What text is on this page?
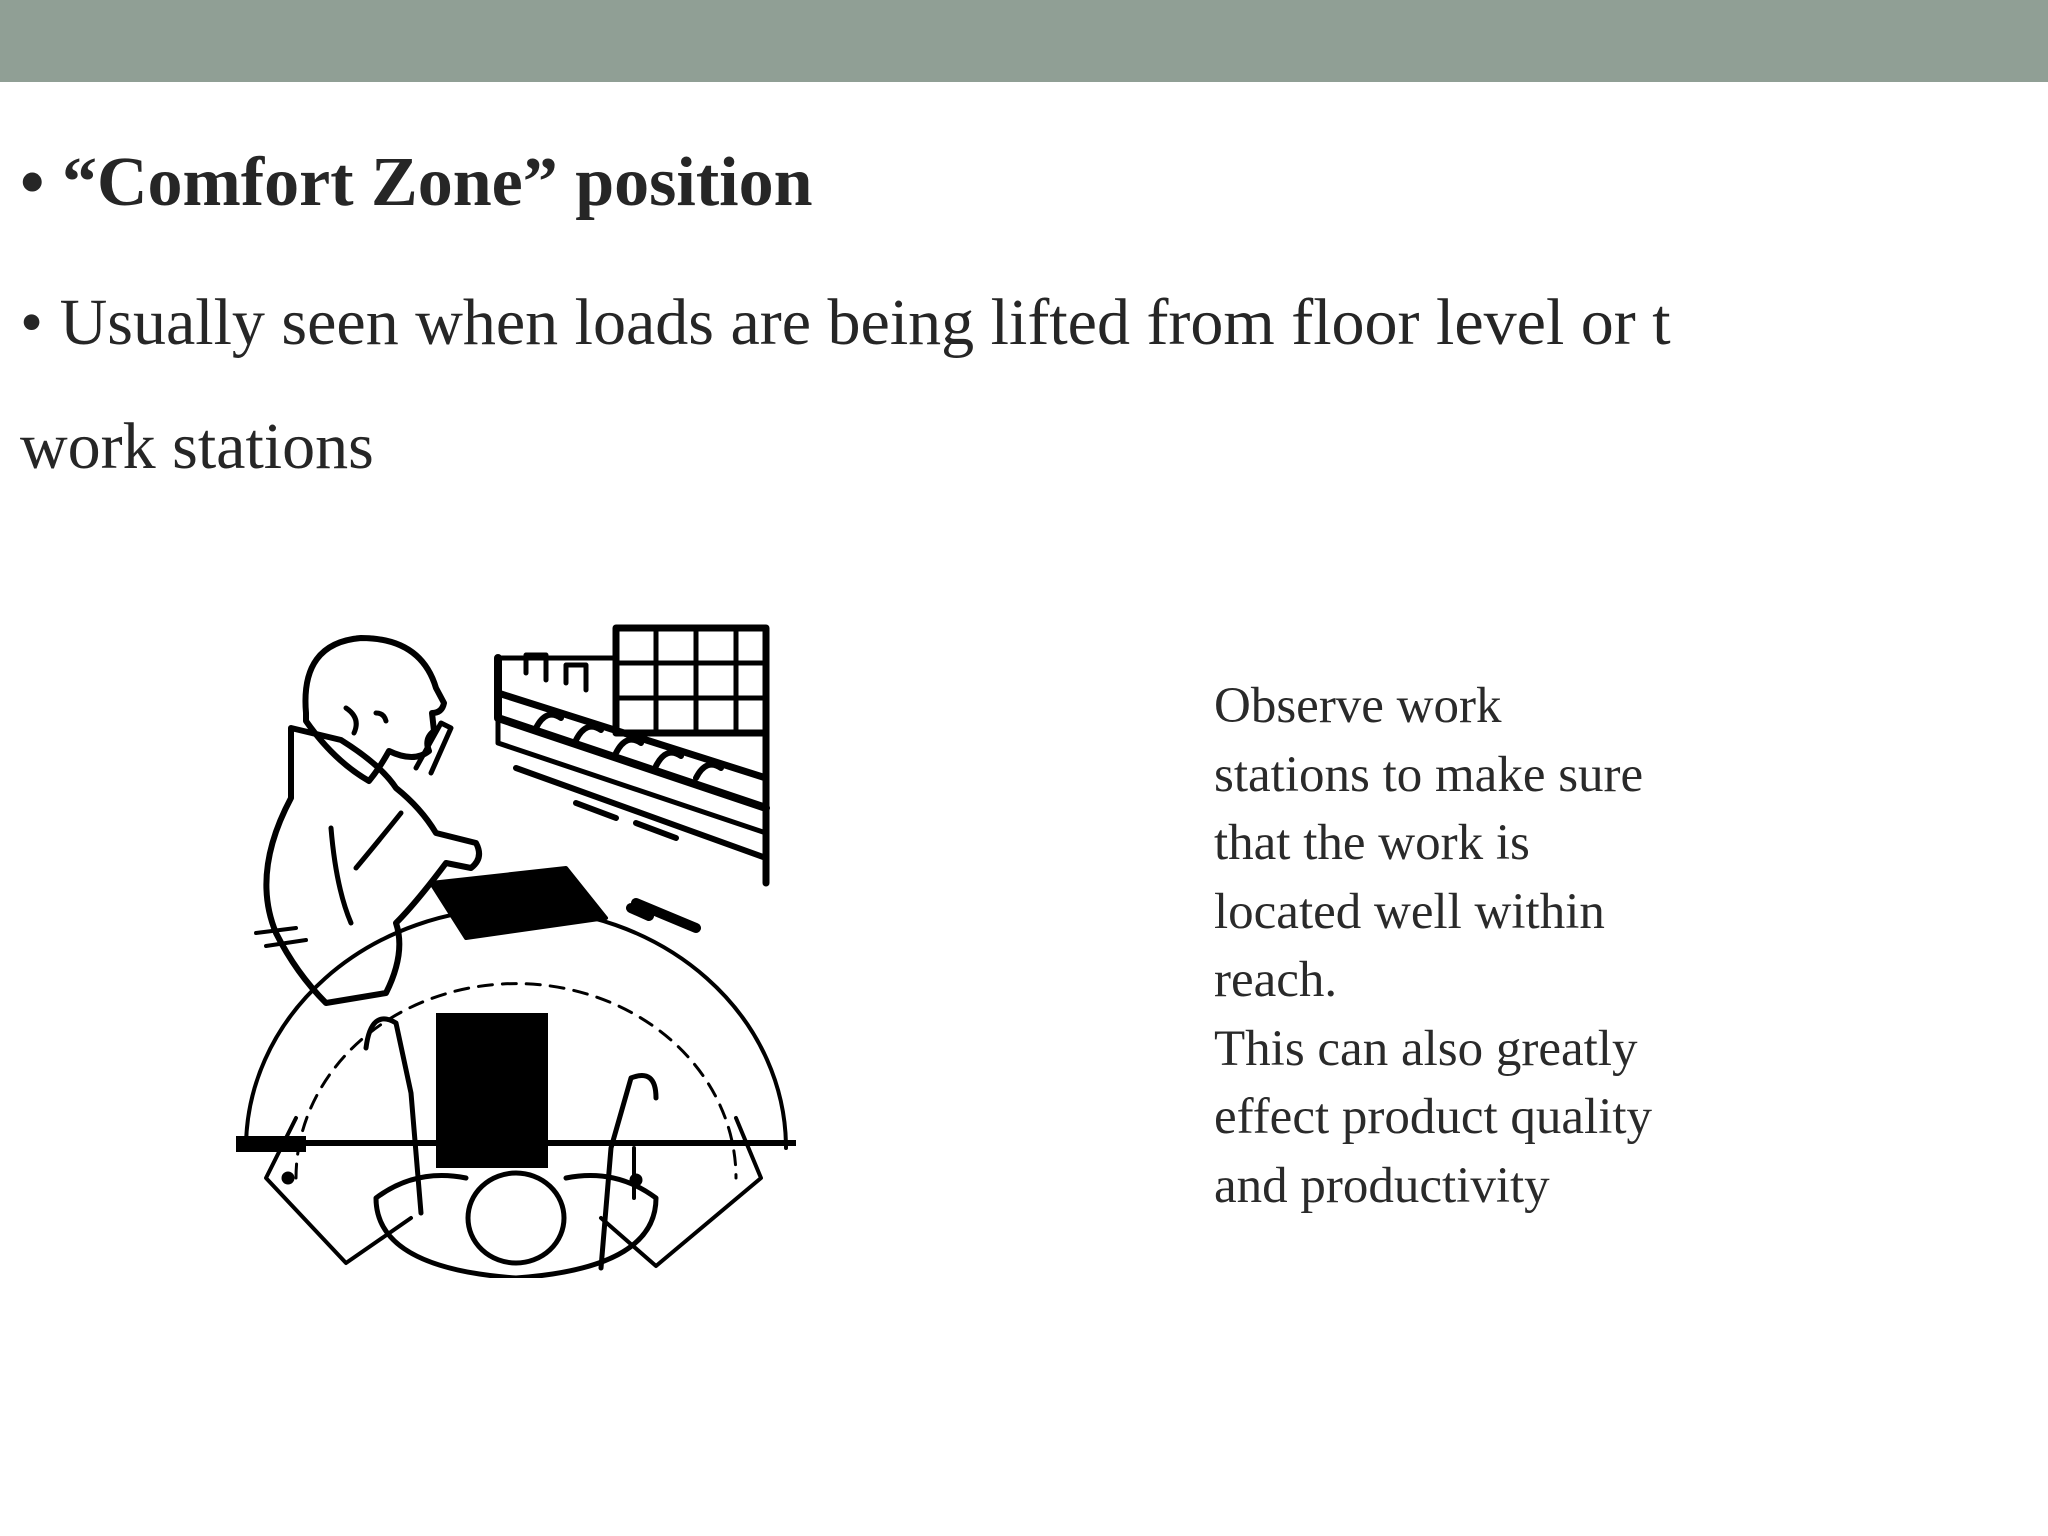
• “Comfort Zone” position

• Usually seen when loads are being lifted from floor level or t

work stations

Observe work
stations to make sure
that the work is
located well within
reach.
This can also greatly
effect product quality
and productivity
